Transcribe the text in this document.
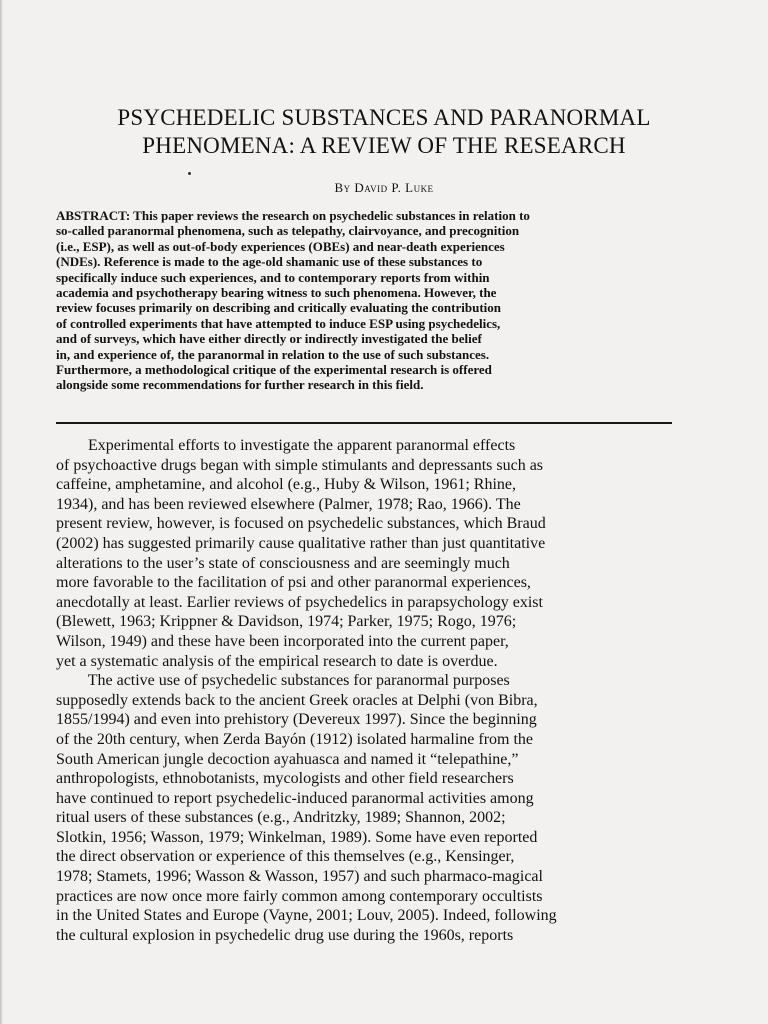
PSYCHEDELIC SUBSTANCES AND PARANORMAL
PHENOMENA: A REVIEW OF THE RESEARCH
By David P. Luke
ABSTRACT: This paper reviews the research on psychedelic substances in relation to
so-called paranormal phenomena, such as telepathy, clairvoyance, and precognition
(i.e., ESP), as well as out-of-body experiences (OBEs) and near-death experiences
(NDEs). Reference is made to the age-old shamanic use of these substances to
specifically induce such experiences, and to contemporary reports from within
academia and psychotherapy bearing witness to such phenomena. However, the
review focuses primarily on describing and critically evaluating the contribution
of controlled experiments that have attempted to induce ESP using psychedelics,
and of surveys, which have either directly or indirectly investigated the belief
in, and experience of, the paranormal in relation to the use of such substances.
Furthermore, a methodological critique of the experimental research is offered
alongside some recommendations for further research in this field.
Experimental efforts to investigate the apparent paranormal effects
of psychoactive drugs began with simple stimulants and depressants such as
caffeine, amphetamine, and alcohol (e.g., Huby & Wilson, 1961; Rhine,
1934), and has been reviewed elsewhere (Palmer, 1978; Rao, 1966). The
present review, however, is focused on psychedelic substances, which Braud
(2002) has suggested primarily cause qualitative rather than just quantitative
alterations to the user’s state of consciousness and are seemingly much
more favorable to the facilitation of psi and other paranormal experiences,
anecdotally at least. Earlier reviews of psychedelics in parapsychology exist
(Blewett, 1963; Krippner & Davidson, 1974; Parker, 1975; Rogo, 1976;
Wilson, 1949) and these have been incorporated into the current paper,
yet a systematic analysis of the empirical research to date is overdue.
The active use of psychedelic substances for paranormal purposes
supposedly extends back to the ancient Greek oracles at Delphi (von Bibra,
1855/1994) and even into prehistory (Devereux 1997). Since the beginning
of the 20th century, when Zerda Bayón (1912) isolated harmaline from the
South American jungle decoction ayahuasca and named it “telepathine,”
anthropologists, ethnobotanists, mycologists and other field researchers
have continued to report psychedelic-induced paranormal activities among
ritual users of these substances (e.g., Andritzky, 1989; Shannon, 2002;
Slotkin, 1956; Wasson, 1979; Winkelman, 1989). Some have even reported
the direct observation or experience of this themselves (e.g., Kensinger,
1978; Stamets, 1996; Wasson & Wasson, 1957) and such pharmaco-magical
practices are now once more fairly common among contemporary occultists
in the United States and Europe (Vayne, 2001; Louv, 2005). Indeed, following
the cultural explosion in psychedelic drug use during the 1960s, reports
